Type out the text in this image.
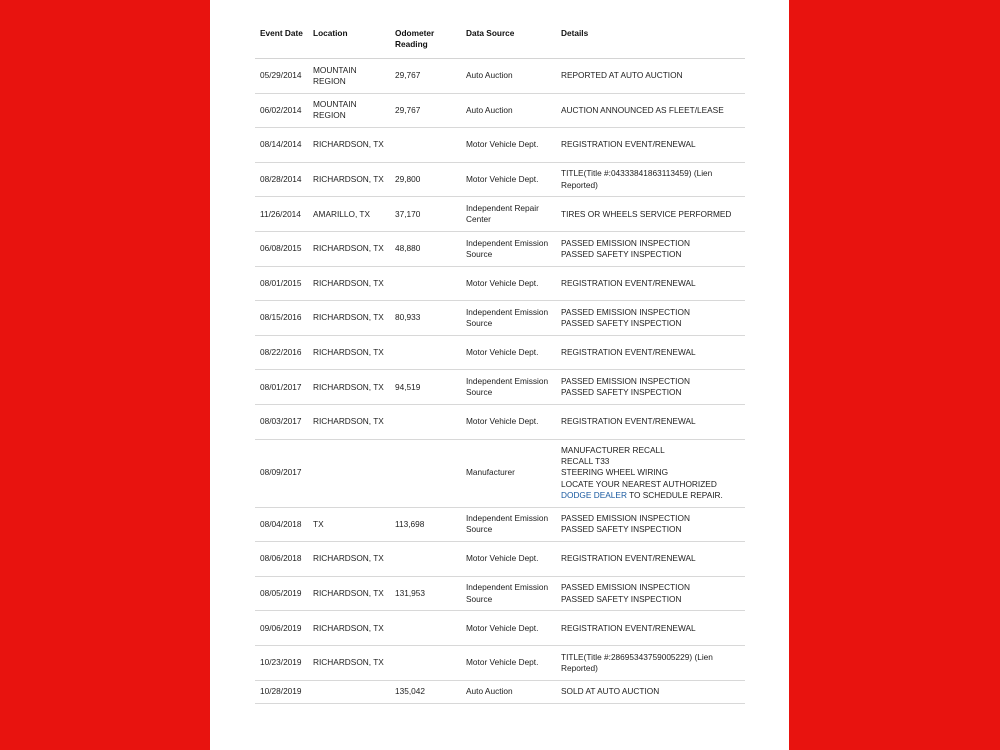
Event Date	Location	Odometer Reading	Data Source	Details
05/29/2014	MOUNTAIN REGION	29,767	Auto Auction	REPORTED AT AUTO AUCTION

06/02/2014	MOUNTAIN REGION	29,767	Auto Auction	AUCTION ANNOUNCED AS FLEET/LEASE

08/14/2014	RICHARDSON, TX		Motor Vehicle Dept.	REGISTRATION EVENT/RENEWAL

08/28/2014	RICHARDSON, TX	29,800	Motor Vehicle Dept.	TITLE(Title #:04333841863113459) (Lien Reported)

11/26/2014	AMARILLO, TX	37,170	Independent Repair Center	TIRES OR WHEELS SERVICE PERFORMED

06/08/2015	RICHARDSON, TX	48,880	Independent Emission Source	PASSED EMISSION INSPECTION
PASSED SAFETY INSPECTION

08/01/2015	RICHARDSON, TX		Motor Vehicle Dept.	REGISTRATION EVENT/RENEWAL

08/15/2016	RICHARDSON, TX	80,933	Independent Emission Source	PASSED EMISSION INSPECTION
PASSED SAFETY INSPECTION

08/22/2016	RICHARDSON, TX		Motor Vehicle Dept.	REGISTRATION EVENT/RENEWAL

08/01/2017	RICHARDSON, TX	94,519	Independent Emission Source	PASSED EMISSION INSPECTION
PASSED SAFETY INSPECTION

08/03/2017	RICHARDSON, TX		Motor Vehicle Dept.	REGISTRATION EVENT/RENEWAL

08/09/2017			Manufacturer	MANUFACTURER RECALL
RECALL T33
STEERING WHEEL WIRING
LOCATE YOUR NEAREST AUTHORIZED
DODGE DEALER TO SCHEDULE REPAIR.

08/04/2018	TX	113,698	Independent Emission Source	PASSED EMISSION INSPECTION
PASSED SAFETY INSPECTION

08/06/2018	RICHARDSON, TX		Motor Vehicle Dept.	REGISTRATION EVENT/RENEWAL

08/05/2019	RICHARDSON, TX	131,953	Independent Emission Source	PASSED EMISSION INSPECTION
PASSED SAFETY INSPECTION

09/06/2019	RICHARDSON, TX		Motor Vehicle Dept.	REGISTRATION EVENT/RENEWAL

10/23/2019	RICHARDSON, TX		Motor Vehicle Dept.	TITLE(Title #:28695343759005229) (Lien Reported)

10/28/2019		135,042	Auto Auction	SOLD AT AUTO AUCTION
